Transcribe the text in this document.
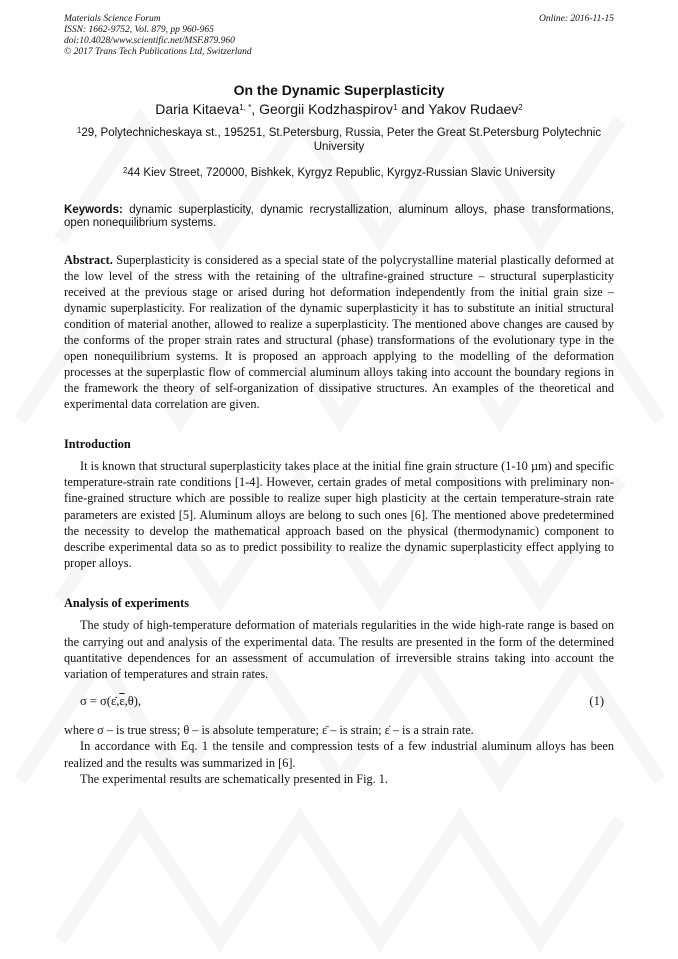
Materials Science Forum
ISSN: 1662-9752, Vol. 879, pp 960-965
doi:10.4028/www.scientific.net/MSF.879.960
© 2017 Trans Tech Publications Ltd, Switzerland
Online: 2016-11-15
On the Dynamic Superplasticity
Daria Kitaeva$^{1, *}$, Georgii Kodzhaspirov$^1$ and Yakov Rudaev$^2$
$^1$29, Polytechnicheskaya st., 195251, St.Petersburg, Russia, Peter the Great St.Petersburg Polytechnic University
$^2$44 Kiev Street, 720000, Bishkek, Kyrgyz Republic, Kyrgyz-Russian Slavic University
Keywords: dynamic superplasticity, dynamic recrystallization, aluminum alloys, phase transformations, open nonequilibrium systems.
Abstract. Superplasticity is considered as a special state of the polycrystalline material plastically deformed at the low level of the stress with the retaining of the ultrafine-grained structure – structural superplasticity received at the previous stage or arised during hot deformation independently from the initial grain size – dynamic superplasticity. For realization of the dynamic superplasticity it has to substitute an initial structural condition of material another, allowed to realize a superplasticity. The mentioned above changes are caused by the conforms of the proper strain rates and structural (phase) transformations of the evolutionary type in the open nonequilibrium systems. It is proposed an approach applying to the modelling of the deformation processes at the superplastic flow of commercial aluminum alloys taking into account the boundary regions in the framework the theory of self-organization of dissipative structures. An examples of the theoretical and experimental data correlation are given.
Introduction

It is known that structural superplasticity takes place at the initial fine grain structure (1-10 µm) and specific temperature-strain rate conditions [1-4]. However, certain grades of metal compositions with preliminary non-fine-grained structure which are possible to realize super high plasticity at the certain temperature-strain rate parameters are existed [5]. Aluminum alloys are belong to such ones [6]. The mentioned above predetermined the necessity to develop the mathematical approach based on the physical (thermodynamic) component to describe experimental data so as to predict possibility to realize the dynamic superplasticity effect applying to proper alloys.

Analysis of experiments

The study of high-temperature deformation of materials regularities in the wide high-rate range is based on the carrying out and analysis of the experimental data. The results are presented in the form of the determined quantitative dependences for an assessment of accumulation of irreversible strains taking into account the variation of temperatures and strain rates.

$\sigma = \sigma(\varepsiloṅ,\overline{\varepsilon},\theta)$,	(1)

where σ – is true stress; θ – is absolute temperature; ε̄ – is strain; ε̇ – is a strain rate.

In accordance with Eq. 1 the tensile and compression tests of a few industrial aluminum alloys has been realized and the results was summarized in [6].

The experimental results are schematically presented in Fig. 1.
